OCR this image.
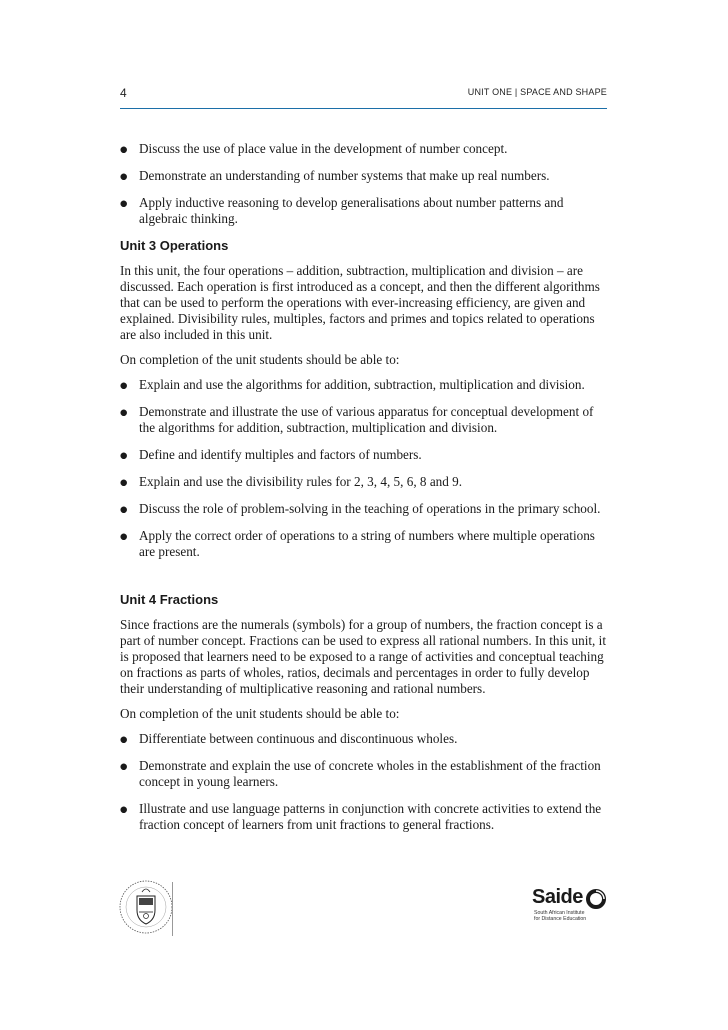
4	UNIT ONE | SPACE AND SHAPE
● Discuss the use of place value in the development of number concept.
● Demonstrate an understanding of number systems that make up real numbers.
● Apply inductive reasoning to develop generalisations about number patterns and algebraic thinking.
Unit 3 Operations

In this unit, the four operations – addition, subtraction, multiplication and division – are discussed. Each operation is first introduced as a concept, and then the different algorithms that can be used to perform the operations with ever-increasing efficiency, are given and explained. Divisibility rules, multiples, factors and primes and topics related to operations are also included in this unit.

On completion of the unit students should be able to:

● Explain and use the algorithms for addition, subtraction, multiplication and division.
● Demonstrate and illustrate the use of various apparatus for conceptual development of the algorithms for addition, subtraction, multiplication and division.
● Define and identify multiples and factors of numbers.
● Explain and use the divisibility rules for 2, 3, 4, 5, 6, 8 and 9.
● Discuss the role of problem-solving in the teaching of operations in the primary school.
● Apply the correct order of operations to a string of numbers where multiple operations are present.
Unit 4 Fractions

Since fractions are the numerals (symbols) for a group of numbers, the fraction concept is a part of number concept. Fractions can be used to express all rational numbers. In this unit, it is proposed that learners need to be exposed to a range of activities and conceptual teaching on fractions as parts of wholes, ratios, decimals and percentages in order to fully develop their understanding of multiplicative reasoning and rational numbers.

On completion of the unit students should be able to:

● Differentiate between continuous and discontinuous wholes.
● Demonstrate and explain the use of concrete wholes in the establishment of the fraction concept in young learners.
● Illustrate and use language patterns in conjunction with concrete activities to extend the fraction concept of learners from unit fractions to general fractions.
Saide
South African Institute
for Distance Education
